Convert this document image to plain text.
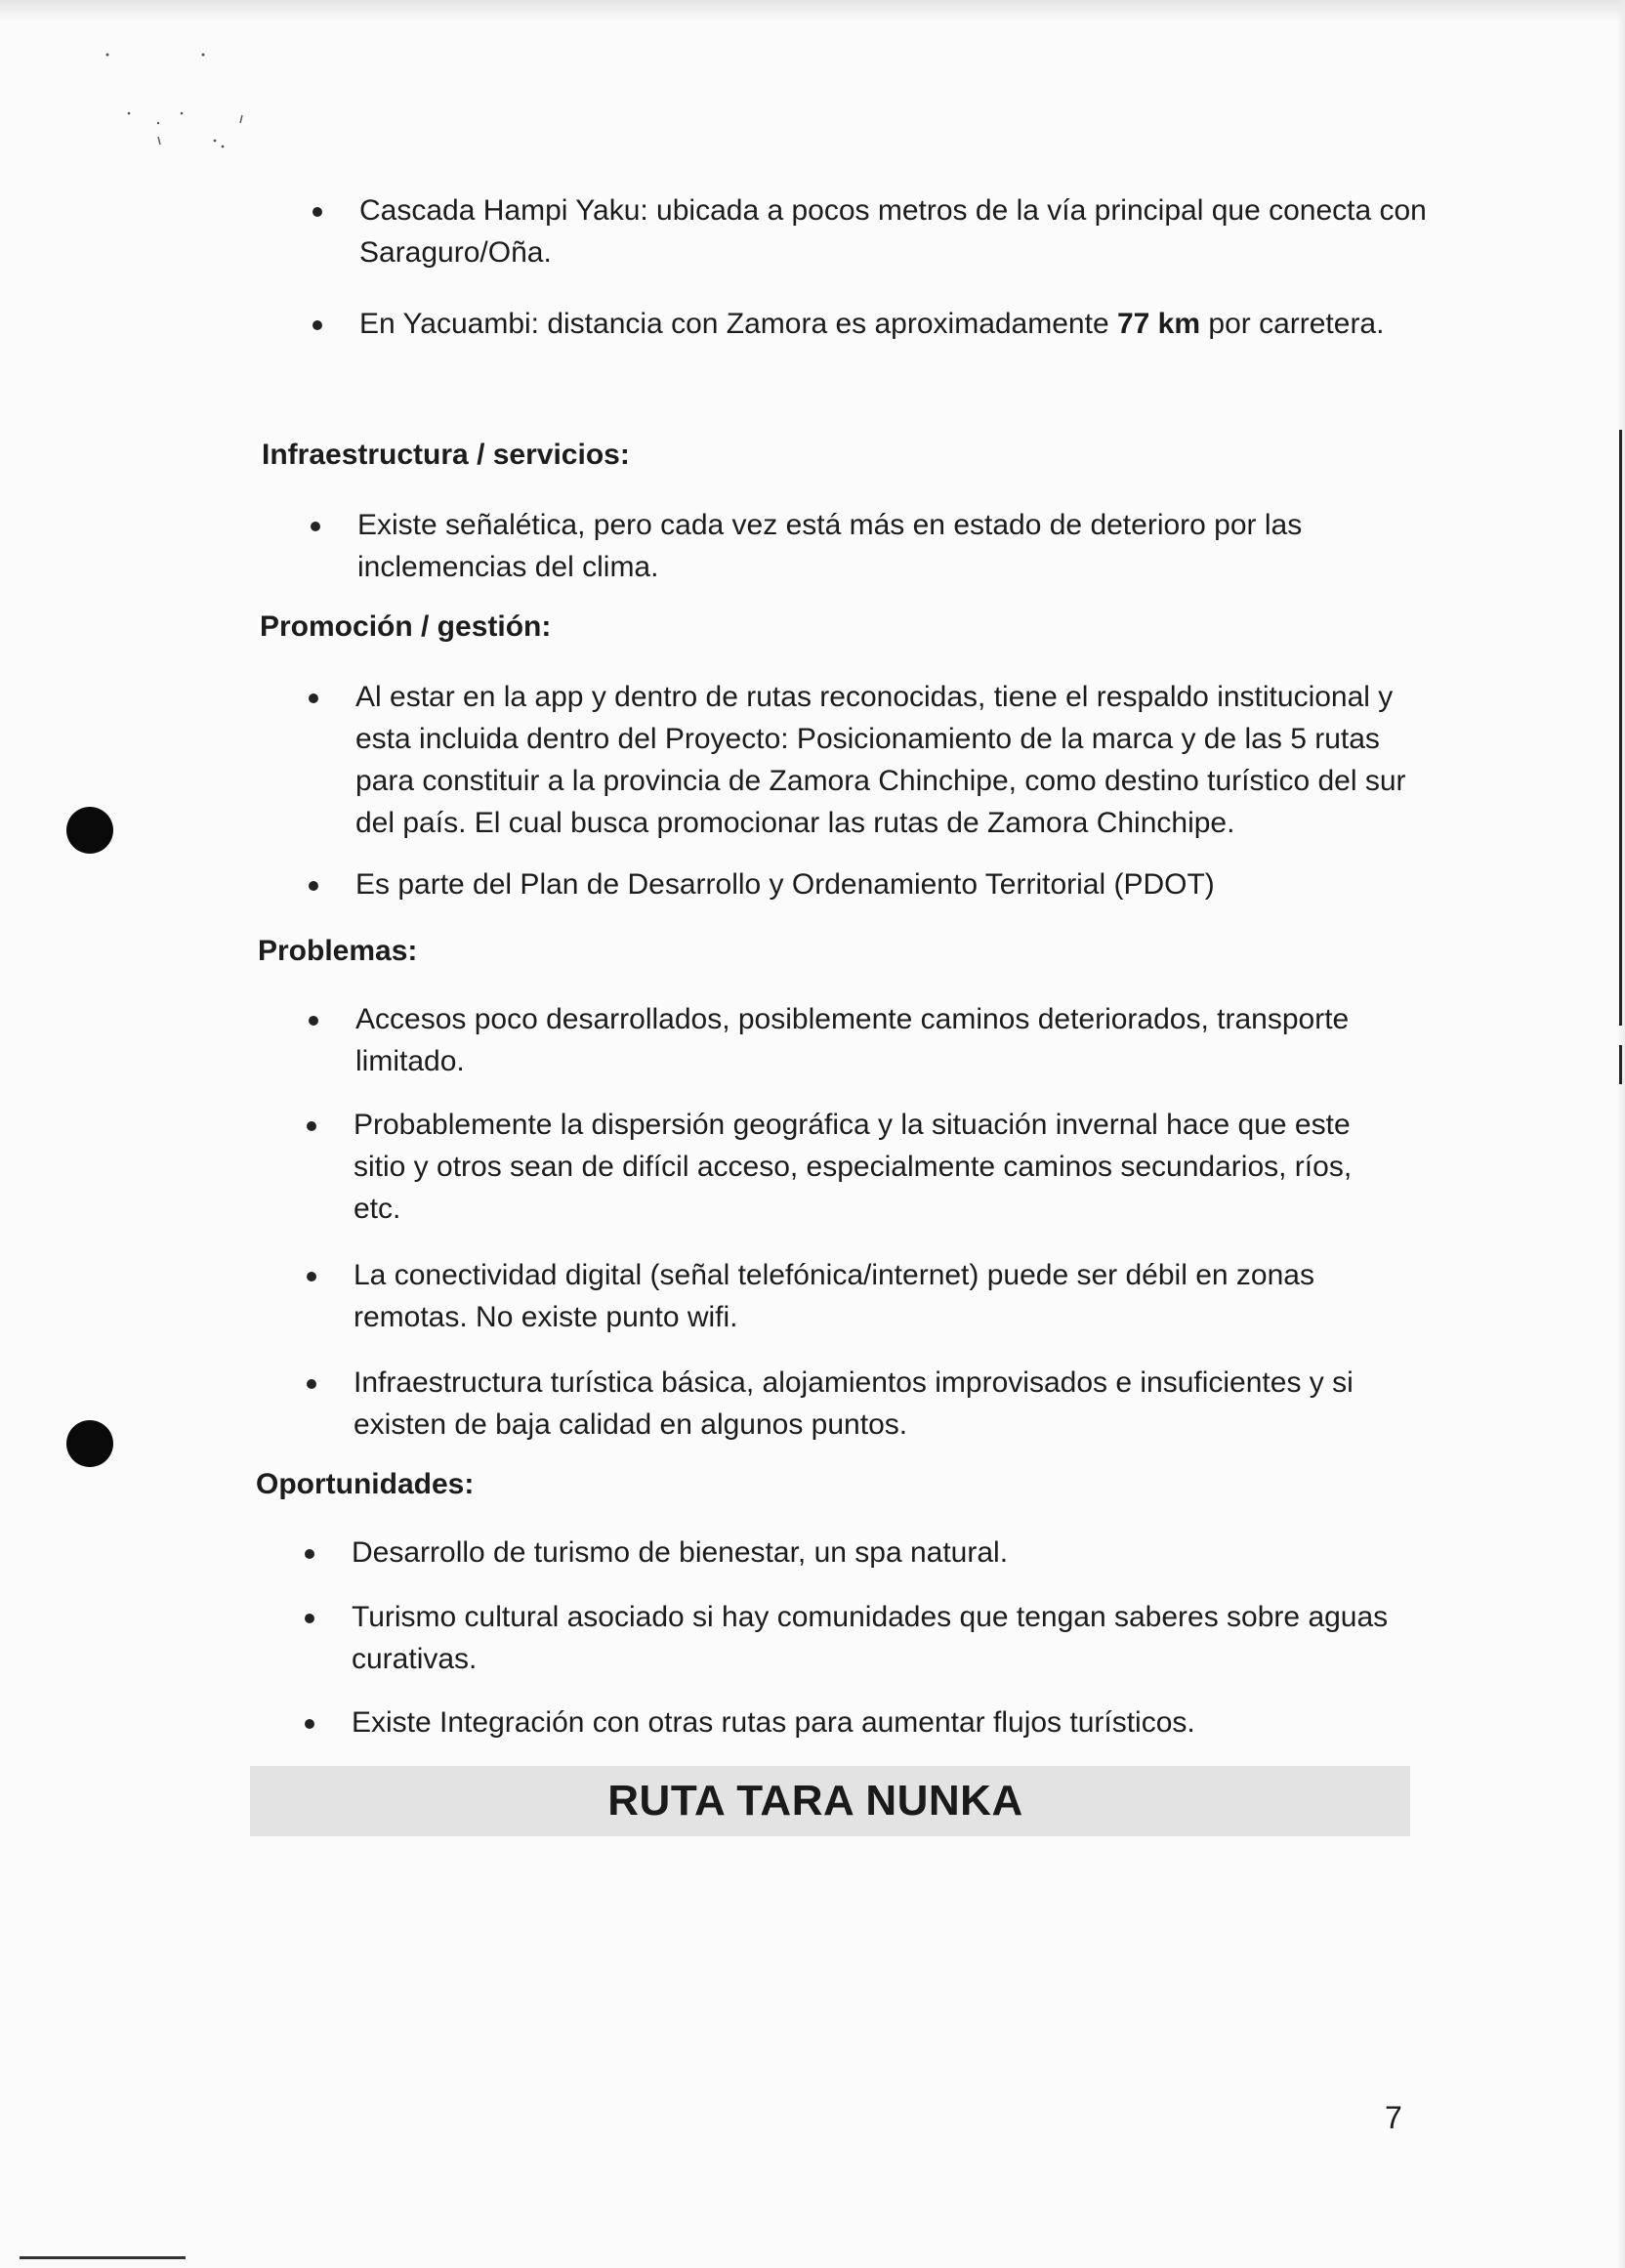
Cascada Hampi Yaku: ubicada a pocos metros de la vía principal que conecta con
Saraguro/Oña.
En Yacuambi: distancia con Zamora es aproximadamente 77 km por carretera.
Infraestructura / servicios:
Existe señalética, pero cada vez está más en estado de deterioro por las
inclemencias del clima.
Promoción / gestión:
Al estar en la app y dentro de rutas reconocidas, tiene el respaldo institucional y
esta incluida dentro del Proyecto: Posicionamiento de la marca y de las 5 rutas
para constituir a la provincia de Zamora Chinchipe, como destino turístico del sur
del país. El cual busca promocionar las rutas de Zamora Chinchipe.
Es parte del Plan de Desarrollo y Ordenamiento Territorial (PDOT)
Problemas:
Accesos poco desarrollados, posiblemente caminos deteriorados, transporte
limitado.
Probablemente la dispersión geográfica y la situación invernal hace que este
sitio y otros sean de difícil acceso, especialmente caminos secundarios, ríos,
etc.
La conectividad digital (señal telefónica/internet) puede ser débil en zonas
remotas. No existe punto wifi.
Infraestructura turística básica, alojamientos improvisados e insuficientes y si
existen de baja calidad en algunos puntos.
Oportunidades:
Desarrollo de turismo de bienestar, un spa natural.
Turismo cultural asociado si hay comunidades que tengan saberes sobre aguas
curativas.
Existe Integración con otras rutas para aumentar flujos turísticos.
RUTA TARA NUNKA
7
